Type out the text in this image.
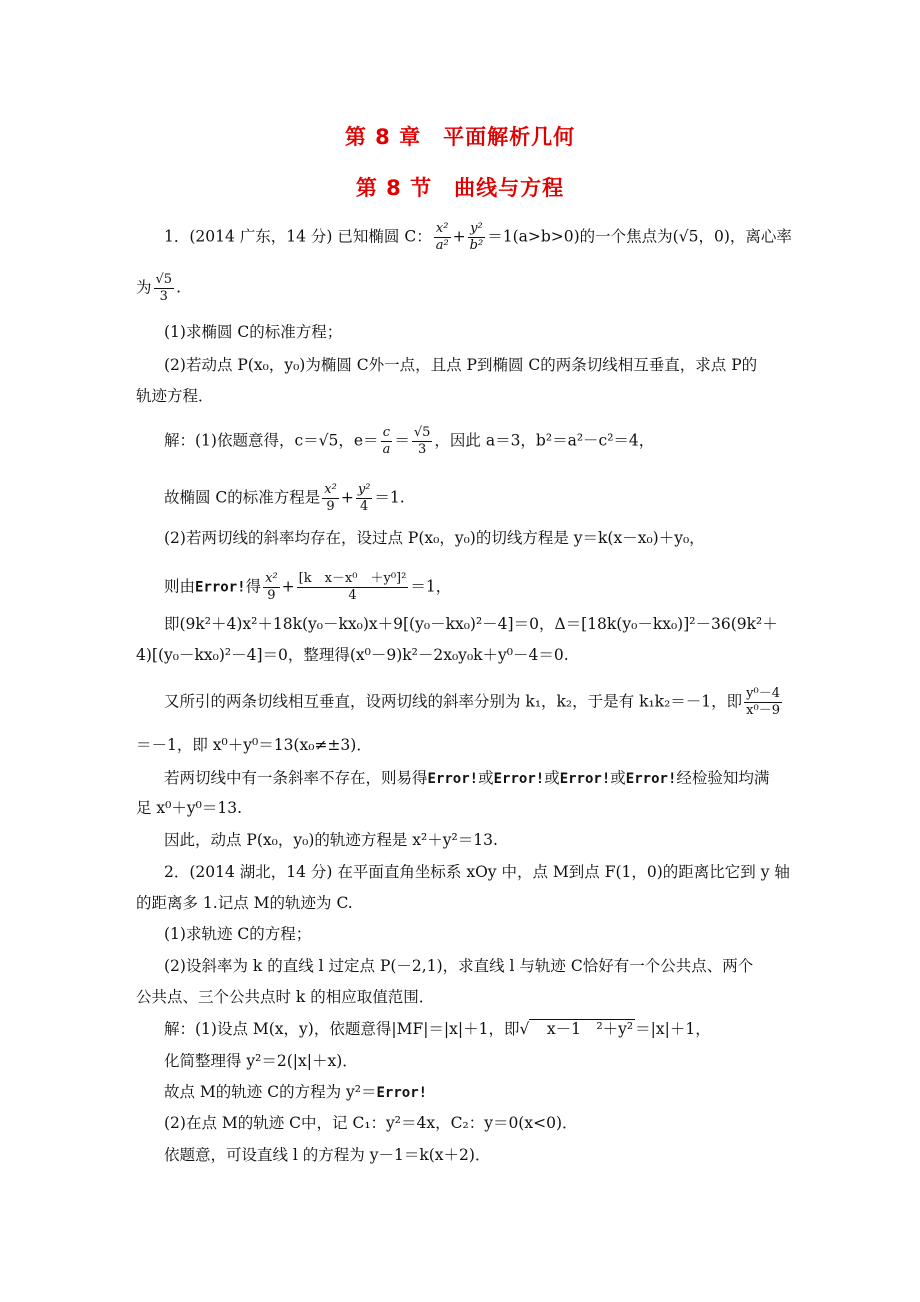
第 8 章　平面解析几何
第 8 节　曲线与方程
1．(2014 广东，14 分) 已知椭圆 C： $\frac{\text{x²}}{\text{a²}} + \frac{\text{y²}}{\text{b²}} =1(a>b>0)$的一个焦点为(√5，0)，离心率
为 $\frac{√5}{3}$ .
(1)求椭圆 C的标准方程；
(2)若动点 P(x₀，y₀)为椭圆 C外一点，且点 P到椭圆 C的两条切线相互垂直，求点 P的
轨迹方程．
解：(1)依题意得，c＝√5，$e= \frac{c}{a} = \frac{√5}{3}$ ，因此 a＝3，b²＝a²－c²＝4，
故椭圆 C的标准方程是 $\frac{\text{x²}}{9} + \frac{\text{y²}}{4} =1$.
(2)若两切线的斜率均存在，设过点 P(x₀，y₀)的切线方程是 y＝k(x－x₀)＋y₀，
则由Error!得 $\frac{\text{x²}}{9} + \frac{\text{[k　x－x⁰　＋y⁰]²}}{4} =1$，
即(9k²＋4)x²＋18k(y₀－kx₀)x＋9[(y₀－kx₀)²－4]＝0，Δ＝[18k(y₀－kx₀)]²－36(9k²＋
4)[(y₀－kx₀)²－4]＝0，整理得(x⁰－9)k²－2x₀y₀k＋y⁰－4＝0.
又所引的两条切线相互垂直，设两切线的斜率分别为 k₁，k₂，于是有 k₁k₂＝－1，即 $\frac{\text{y⁰－4}}{\text{x⁰－9}}$
＝－1，即 x⁰＋y⁰＝13(x₀≠±3)．
若两切线中有一条斜率不存在，则易得Error!或Error!或Error!或Error!经检验知均满
足 x⁰＋y⁰＝13.
因此，动点 P(x₀，y₀)的轨迹方程是 x²＋y²＝13.
2．(2014 湖北，14 分) 在平面直角坐标系 xOy 中，点 M到点 F(1，0)的距离比它到 y 轴
的距离多 1.记点 M的轨迹为 C.
(1)求轨迹 C的方程；
(2)设斜率为 k 的直线 l 过定点 P(－2,1)，求直线 l 与轨迹 C恰好有一个公共点、两个
公共点、三个公共点时 k 的相应取值范围．
解：(1)设点 M(x，y)，依题意得|MF|＝|x|＋1，即√　x－1　²＋y² ＝|x|＋1，
化简整理得 y²＝2(|x|＋x)．
故点 M的轨迹 C的方程为 y²＝Error!
(2)在点 M的轨迹 C中，记 C₁：y²＝4x，C₂：y＝0(x<0)．
依题意，可设直线 l 的方程为 y－1＝k(x＋2)．
